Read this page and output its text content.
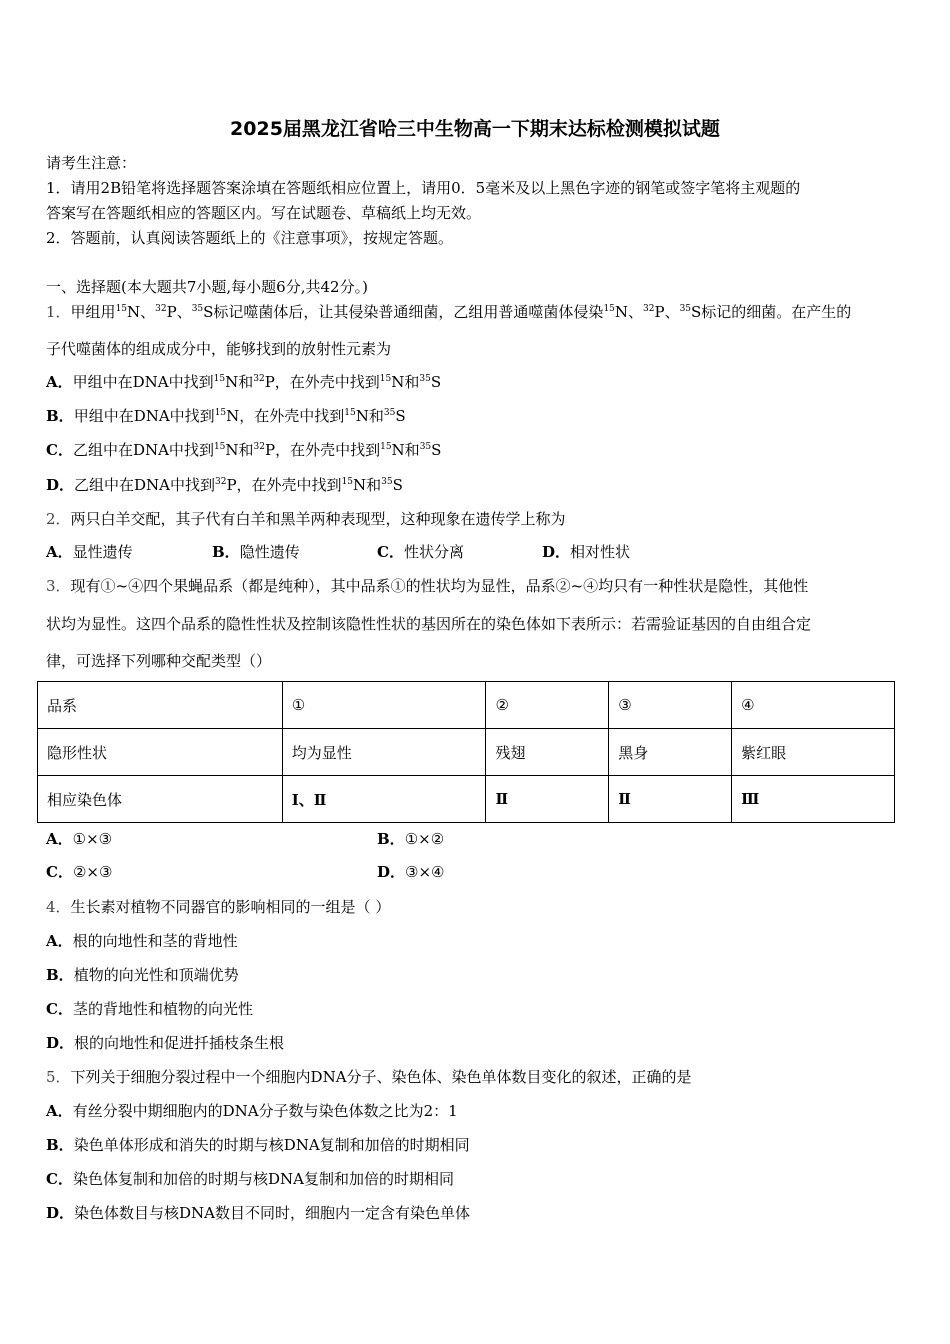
2025届黑龙江省哈三中生物高一下期末达标检测模拟试题
请考生注意：
1．请用2B铅笔将选择题答案涂填在答题纸相应位置上，请用0．5毫米及以上黑色字迹的钢笔或签字笔将主观题的
答案写在答题纸相应的答题区内。写在试题卷、草稿纸上均无效。
2．答题前，认真阅读答题纸上的《注意事项》，按规定答题。
一、选择题(本大题共7小题,每小题6分,共42分。)
1．甲组用$^{15}$N、$^{32}$P、$^{35}$S标记噬菌体后，让其侵染普通细菌，乙组用普通噬菌体侵染$^{15}$N、$^{32}$P、$^{35}$S标记的细菌。在产生的
子代噬菌体的组成成分中，能够找到的放射性元素为
A．甲组中在DNA中找到$^{15}$N和$^{32}$P，在外壳中找到$^{15}$N和$^{35}$S
B．甲组中在DNA中找到$^{15}$N，在外壳中找到$^{15}$N和$^{35}$S
C．乙组中在DNA中找到$^{15}$N和$^{32}$P，在外壳中找到$^{15}$N和$^{35}$S
D．乙组中在DNA中找到$^{32}$P，在外壳中找到$^{15}$N和$^{35}$S
2．两只白羊交配，其子代有白羊和黑羊两种表现型，这种现象在遗传学上称为
A．显性遗传	B．隐性遗传	C．性状分离	D．相对性状
3．现有①~④四个果蝇品系（都是纯种），其中品系①的性状均为显性，品系②~④均只有一种性状是隐性，其他性
状均为显性。这四个品系的隐性性状及控制该隐性性状的基因所在的染色体如下表所示：若需验证基因的自由组合定
律，可选择下列哪种交配类型（）
品系	①	②	③	④
隐形性状	均为显性	残翅	黑身	紫红眼
相应染色体	Ⅰ、Ⅱ	Ⅱ	Ⅱ	Ⅲ
A．①×③	B．①×②
C．②×③	D．③×④
4．生长素对植物不同器官的影响相同的一组是（ ）
A．根的向地性和茎的背地性
B．植物的向光性和顶端优势
C．茎的背地性和植物的向光性
D．根的向地性和促进扦插枝条生根
5．下列关于细胞分裂过程中一个细胞内DNA分子、染色体、染色单体数目变化的叙述，正确的是
A．有丝分裂中期细胞内的DNA分子数与染色体数之比为2：1
B．染色单体形成和消失的时期与核DNA复制和加倍的时期相同
C．染色体复制和加倍的时期与核DNA复制和加倍的时期相同
D．染色体数目与核DNA数目不同时，细胞内一定含有染色单体
